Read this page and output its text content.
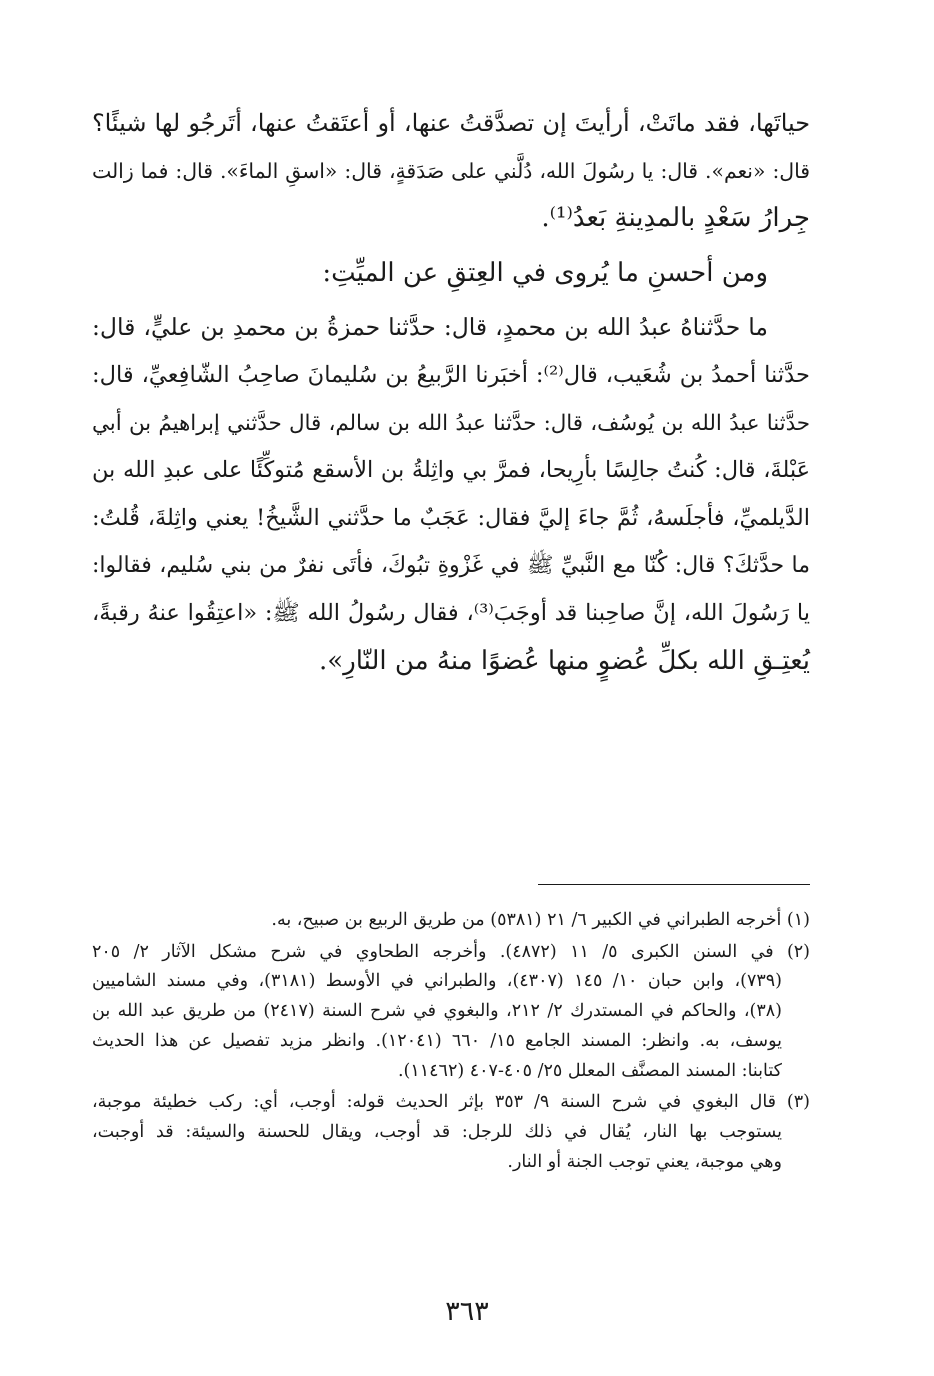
حياتَها، فقد ماتَتْ، أرأيتَ إن تصدَّقتُ عنها، أو أعتَقتُ عنها، أتَرجُو لها شيئًا؟
قال: «نعم». قال: يا رسُولَ الله، دُلَّني على صَدَقةٍ، قال: «اسقِ الماءَ». قال: فما زالت
جِرارُ سَعْدٍ بالمدِينةِ بَعدُ⁽¹⁾.
ومن أحسنِ ما يُروى في العِتقِ عن الميِّتِ:
ما حدَّثناهُ عبدُ الله بن محمدٍ، قال: حدَّثنا حمزةُ بن محمدِ بن عليٍّ، قال:
حدَّثنا أحمدُ بن شُعَيب، قال⁽²⁾: أخبَرنا الرَّبيعُ بن سُليمانَ صاحِبُ الشّافِعيِّ، قال:
حدَّثنا عبدُ الله بن يُوسُف، قال: حدَّثنا عبدُ الله بن سالم، قال حدَّثني إبراهيمُ بن أبي
عَبْلةَ، قال: كُنتُ جالِسًا بأرِيحا، فمرَّ بي واثِلةُ بن الأسقع مُتوكِّئًا على عبدِ الله بن
الدَّيلميِّ، فأجلَسهُ، ثُمَّ جاءَ إليَّ فقال: عَجَبٌ ما حدَّثني الشَّيخُ! يعني واثِلةَ، قُلتُ:
ما حدَّثكَ؟ قال: كُنّا مع النَّبيِّ ﷺ في غَزْوةِ تبُوكَ، فأتَى نفرٌ من بني سُليم، فقالوا:
يا رَسُولَ الله، إنَّ صاحِبنا قد أوجَبَ⁽³⁾، فقال رسُولُ الله ﷺ: «اعتِقُوا عنهُ رقبةً،
يُعتِـقِ الله بكلِّ عُضوٍ منها عُضوًا منهُ من النّارِ».
(١) أخرجه الطبراني في الكبير ٦/ ٢١ (٥٣٨١) من طريق الربيع بن صبيح، به.
(٢) في السنن الكبرى ٥/ ١١ (٤٨٧٢). وأخرجه الطحاوي في شرح مشكل الآثار ٢/ ٢٠٥
(٧٣٩)، وابن حبان ١٠/ ١٤٥ (٤٣٠٧)، والطبراني في الأوسط (٣١٨١)، وفي مسند الشاميين
(٣٨)، والحاكم في المستدرك ٢/ ٢١٢، والبغوي في شرح السنة (٢٤١٧) من طريق عبد الله بن
يوسف، به. وانظر: المسند الجامع ١٥/ ٦٦٠ (١٢٠٤١). وانظر مزيد تفصيل عن هذا الحديث
كتابنا: المسند المصنَّف المعلل ٢٥/ ٤٠٥-٤٠٧ (١١٤٦٢).
(٣) قال البغوي في شرح السنة ٩/ ٣٥٣ بإثر الحديث قوله: أوجب، أي: ركب خطيئة موجبة،
يستوجب بها النار، يُقال في ذلك للرجل: قد أوجب، ويقال للحسنة والسيئة: قد أوجبت،
وهي موجبة، يعني توجب الجنة أو النار.
٣٦٣
